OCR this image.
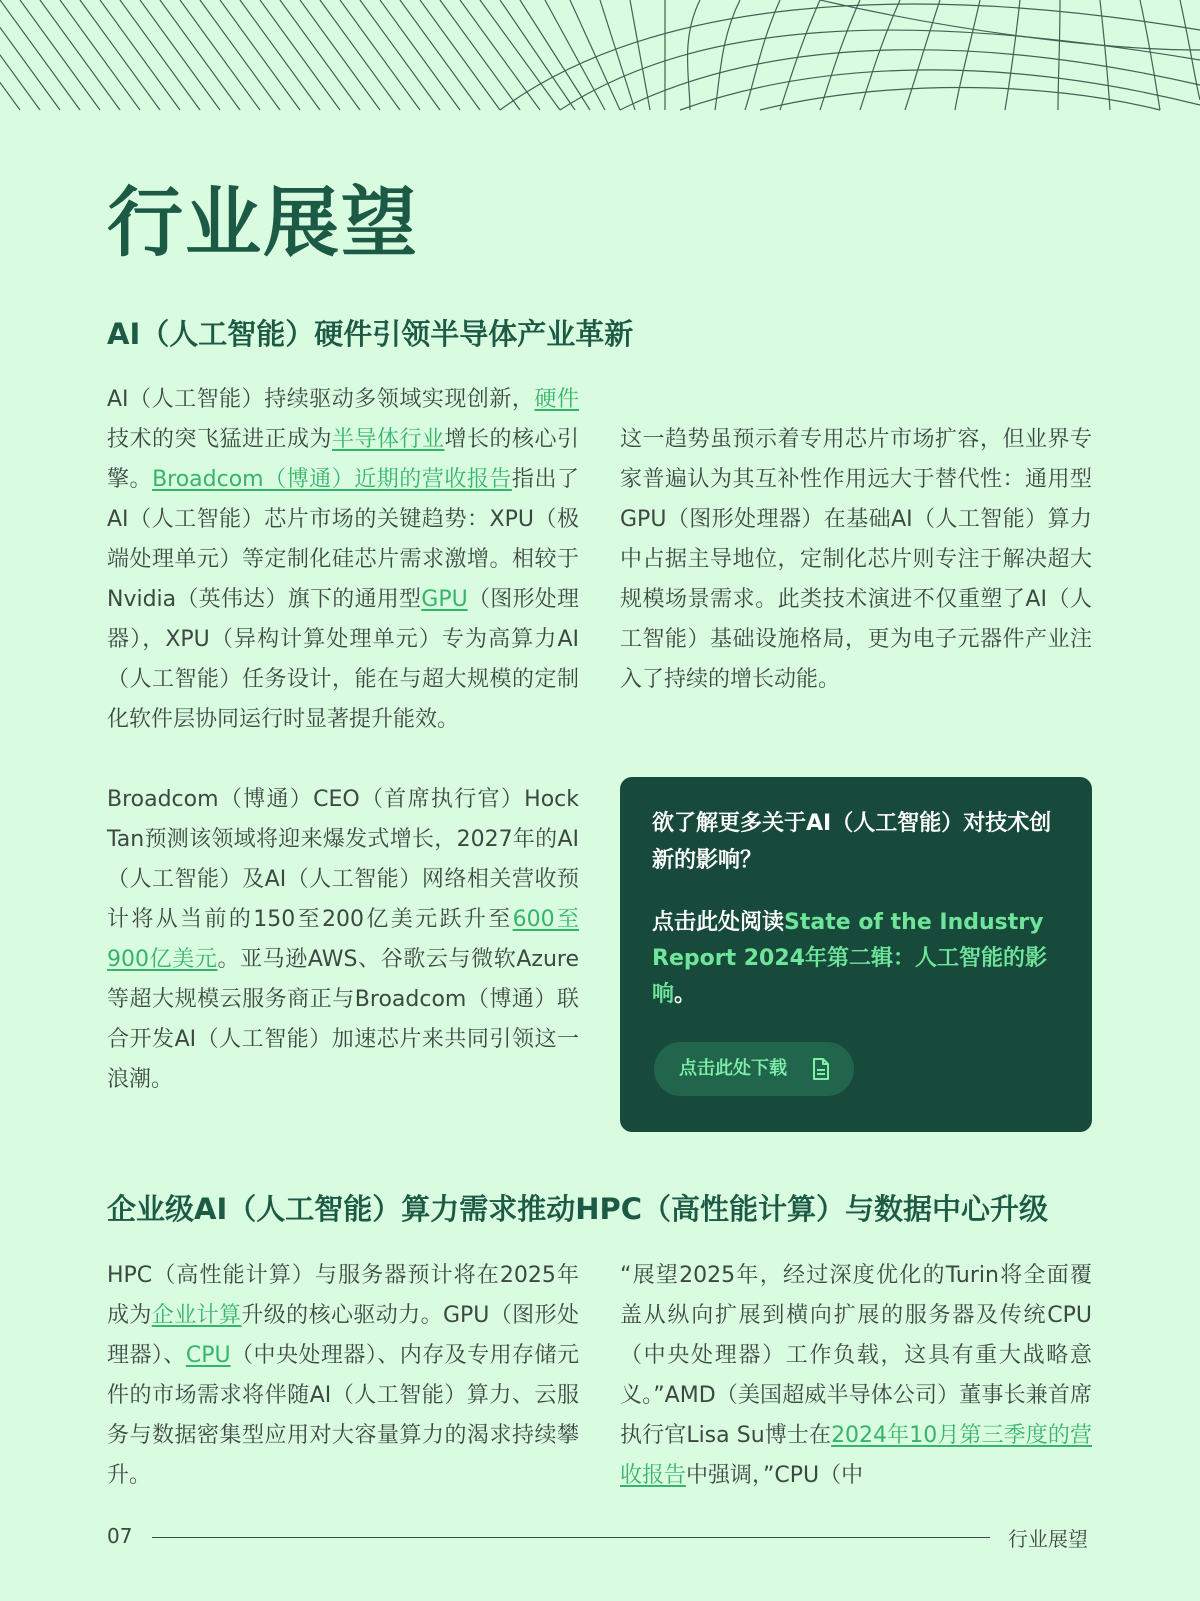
行业展望
AI（人工智能）硬件引领半导体产业革新

AI（人工智能）持续驱动多领域实现创新，硬件技术的突飞猛进正成为半导体行业增长的核心引擎。Broadcom（博通）近期的营收报告指出了AI（人工智能）芯片市场的关键趋势：XPU（极端处理单元）等定制化硅芯片需求激增。相较于Nvidia（英伟达）旗下的通用型GPU（图形处理器），XPU（异构计算处理单元）专为高算力AI（人工智能）任务设计，能在与超大规模的定制化软件层协同运行时显著提升能效。

Broadcom（博通）CEO（首席执行官）Hock Tan预测该领域将迎来爆发式增长，2027年的AI（人工智能）及AI（人工智能）网络相关营收预计将从当前的150至200亿美元跃升至600至900亿美元。亚马逊AWS、谷歌云与微软Azure等超大规模云服务商正与Broadcom（博通）联合开发AI（人工智能）加速芯片来共同引领这一浪潮。

这一趋势虽预示着专用芯片市场扩容，但业界专家普遍认为其互补性作用远大于替代性：通用型GPU（图形处理器）在基础AI（人工智能）算力中占据主导地位，定制化芯片则专注于解决超大规模场景需求。此类技术演进不仅重塑了AI（人工智能）基础设施格局，更为电子元器件产业注入了持续的增长动能。

欲了解更多关于AI（人工智能）对技术创新的影响？

点击此处阅读State of the Industry Report 2024年第二辑：人工智能的影响。

点击此处下载
企业级AI（人工智能）算力需求推动HPC（高性能计算）与数据中心升级

HPC（高性能计算）与服务器预计将在2025年成为企业计算升级的核心驱动力。GPU（图形处理器）、CPU（中央处理器）、内存及专用存储元件的市场需求将伴随AI（人工智能）算力、云服务与数据密集型应用对大容量算力的渴求持续攀升。

“展望2025年，经过深度优化的Turin将全面覆盖从纵向扩展到横向扩展的服务器及传统CPU（中央处理器）工作负载，这具有重大战略意义。”AMD（美国超威半导体公司）董事长兼首席执行官Lisa Su博士在2024年10月第三季度的营收报告中强调，”CPU（中

07	行业展望
